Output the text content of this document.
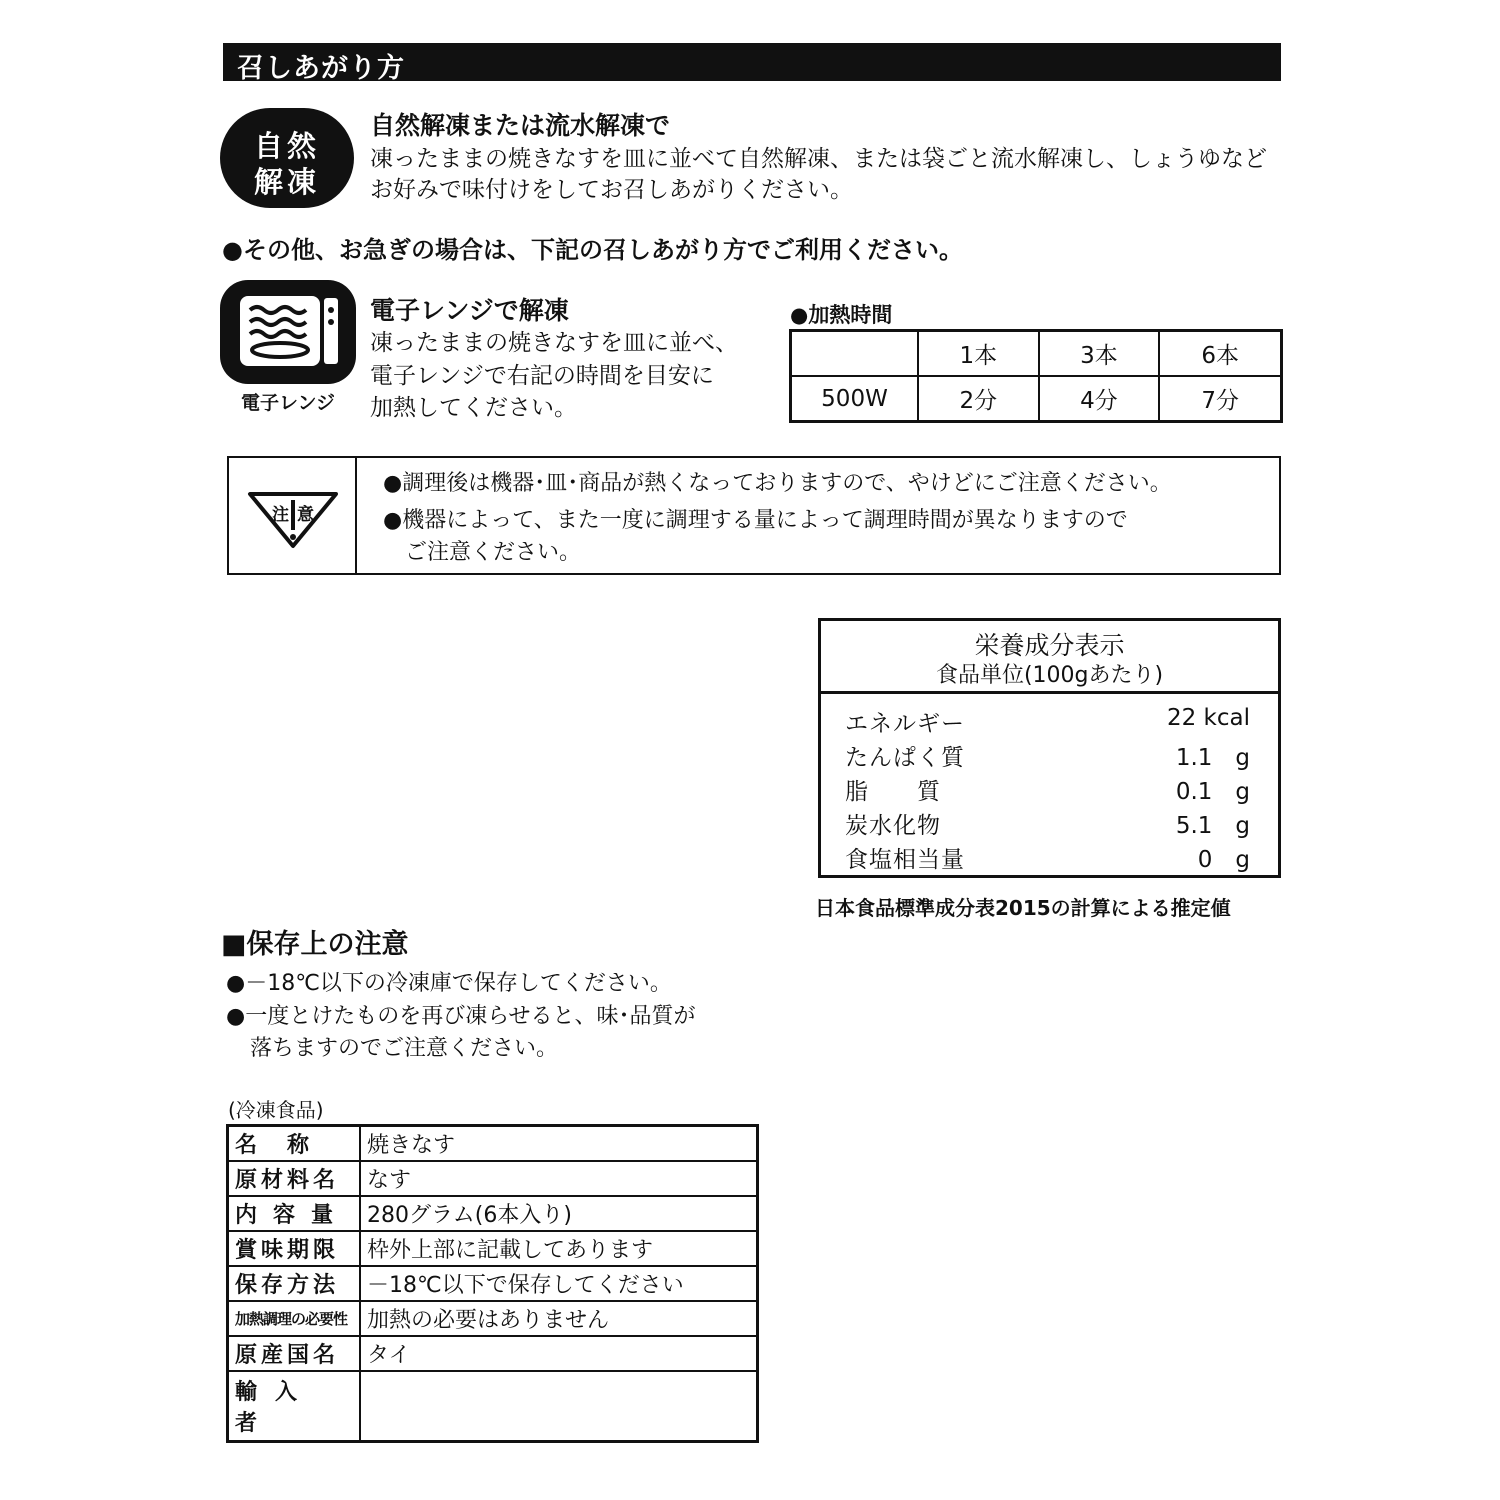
召しあがり方
自然
解凍
自然解凍または流水解凍で
凍ったままの焼きなすを皿に並べて自然解凍、または袋ごと流水解凍し、しょうゆなど
お好みで味付けをしてお召しあがりください。
●その他、お急ぎの場合は、下記の召しあがり方でご利用ください。
電子レンジ
電子レンジで解凍
凍ったままの焼きなすを皿に並べ、
電子レンジで右記の時間を目安に
加熱してください。
●加熱時間
	1本	3本	6本
500W	2分	4分	7分
注 意
●調理後は機器･皿･商品が熱くなっておりますので、やけどにご注意ください。
●機器によって、また一度に調理する量によって調理時間が異なりますので
ご注意ください。
栄養成分表示
食品単位(100gあたり)
エネルギー	22 kcal
たんぱく質	1.1　g
脂　　質	0.1　g
炭水化物	5.1　g
食塩相当量	0　g
日本食品標準成分表2015の計算による推定値
■保存上の注意
●－18℃以下の冷凍庫で保存してください。
●一度とけたものを再び凍らせると、味･品質が
落ちますのでご注意ください。
(冷凍食品)
名　称	焼きなす
原材料名	なす
内容量	280グラム(6本入り)
賞味期限	枠外上部に記載してあります
保存方法	－18℃以下で保存してください
加熱調理の必要性	加熱の必要はありません
原産国名	タイ
輸入者	
